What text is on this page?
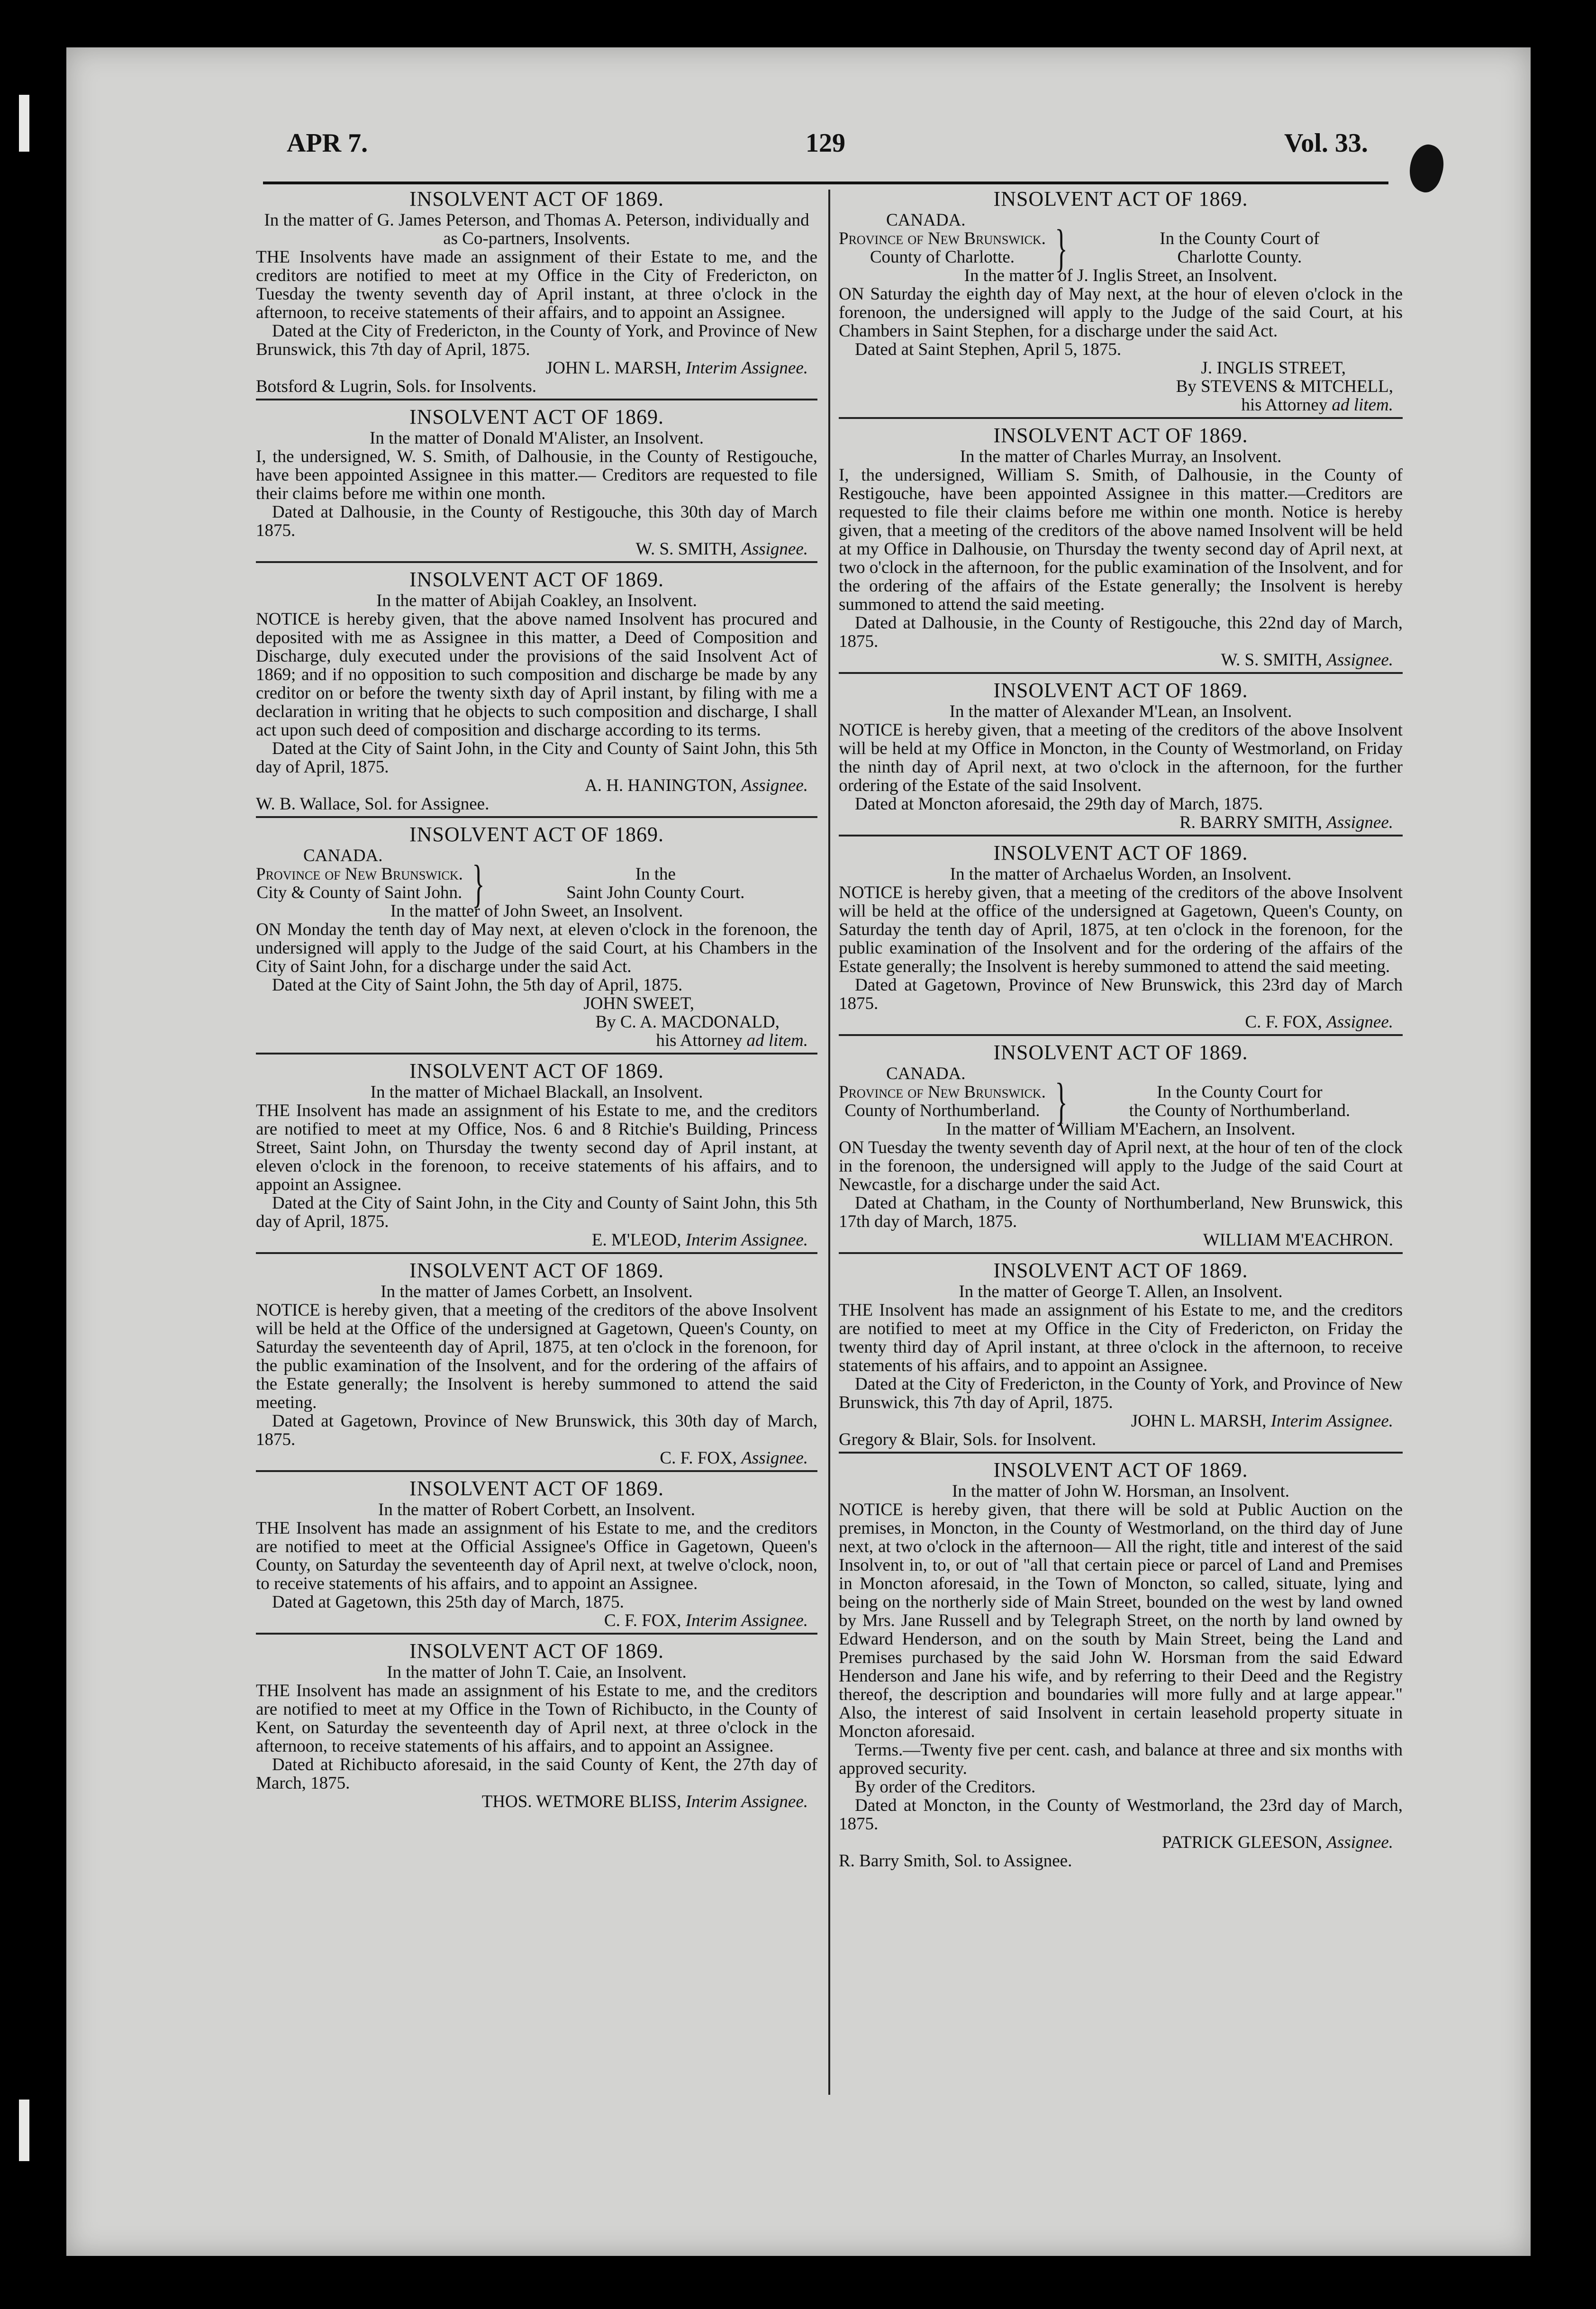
APR 7.	129	Vol. 33.
INSOLVENT ACT OF 1869.
In the matter of G. James Peterson, and Thomas A. Peterson, individually and as Co-partners, Insolvents.
THE Insolvents have made an assignment of their Estate to me, and the creditors are notified to meet at my Office in the City of Fredericton, on Tuesday the twenty seventh day of April instant, at three o'clock in the afternoon, to receive statements of their affairs, and to appoint an Assignee.
Dated at the City of Fredericton, in the County of York, and Province of New Brunswick, this 7th day of April, 1875.
JOHN L. MARSH, Interim Assignee.
Botsford & Lugrin, Sols. for Insolvents.
INSOLVENT ACT OF 1869.
In the matter of Donald M'Alister, an Insolvent.
I, the undersigned, W. S. Smith, of Dalhousie, in the County of Restigouche, have been appointed Assignee in this matter.— Creditors are requested to file their claims before me within one month.
Dated at Dalhousie, in the County of Restigouche, this 30th day of March 1875.
W. S. SMITH, Assignee.
INSOLVENT ACT OF 1869.
In the matter of Abijah Coakley, an Insolvent.
NOTICE is hereby given, that the above named Insolvent has procured and deposited with me as Assignee in this matter, a Deed of Composition and Discharge, duly executed under the provisions of the said Insolvent Act of 1869; and if no opposition to such composition and discharge be made by any creditor on or before the twenty sixth day of April instant, by filing with me a declaration in writing that he objects to such composition and discharge, I shall act upon such deed of composition and discharge according to its terms.
Dated at the City of Saint John, in the City and County of Saint John, this 5th day of April, 1875.
A. H. HANINGTON, Assignee.
W. B. Wallace, Sol. for Assignee.
INSOLVENT ACT OF 1869.
CANADA.
Province of New Brunswick.
City & County of Saint John. }	In the
Saint John County Court.
In the matter of John Sweet, an Insolvent.
ON Monday the tenth day of May next, at eleven o'clock in the forenoon, the undersigned will apply to the Judge of the said Court, at his Chambers in the City of Saint John, for a discharge under the said Act.
Dated at the City of Saint John, the 5th day of April, 1875.
JOHN SWEET,
By C. A. MACDONALD,
his Attorney ad litem.
INSOLVENT ACT OF 1869.
In the matter of Michael Blackall, an Insolvent.
THE Insolvent has made an assignment of his Estate to me, and the creditors are notified to meet at my Office, Nos. 6 and 8 Ritchie's Building, Princess Street, Saint John, on Thursday the twenty second day of April instant, at eleven o'clock in the forenoon, to receive statements of his affairs, and to appoint an Assignee.
Dated at the City of Saint John, in the City and County of Saint John, this 5th day of April, 1875.
E. M'LEOD, Interim Assignee.
INSOLVENT ACT OF 1869.
In the matter of James Corbett, an Insolvent.
NOTICE is hereby given, that a meeting of the creditors of the above Insolvent will be held at the Office of the undersigned at Gagetown, Queen's County, on Saturday the seventeenth day of April, 1875, at ten o'clock in the forenoon, for the public examination of the Insolvent, and for the ordering of the affairs of the Estate generally; the Insolvent is hereby summoned to attend the said meeting.
Dated at Gagetown, Province of New Brunswick, this 30th day of March, 1875.
C. F. FOX, Assignee.
INSOLVENT ACT OF 1869.
In the matter of Robert Corbett, an Insolvent.
THE Insolvent has made an assignment of his Estate to me, and the creditors are notified to meet at the Official Assignee's Office in Gagetown, Queen's County, on Saturday the seventeenth day of April next, at twelve o'clock, noon, to receive statements of his affairs, and to appoint an Assignee.
Dated at Gagetown, this 25th day of March, 1875.
C. F. FOX, Interim Assignee.
INSOLVENT ACT OF 1869.
In the matter of John T. Caie, an Insolvent.
THE Insolvent has made an assignment of his Estate to me, and the creditors are notified to meet at my Office in the Town of Richibucto, in the County of Kent, on Saturday the seventeenth day of April next, at three o'clock in the afternoon, to receive statements of his affairs, and to appoint an Assignee.
Dated at Richibucto aforesaid, in the said County of Kent, the 27th day of March, 1875.
THOS. WETMORE BLISS, Interim Assignee.
INSOLVENT ACT OF 1869.
CANADA.
Province of New Brunswick.
County of Charlotte. }	In the County Court of
Charlotte County.
In the matter of J. Inglis Street, an Insolvent.
ON Saturday the eighth day of May next, at the hour of eleven o'clock in the forenoon, the undersigned will apply to the Judge of the said Court, at his Chambers in Saint Stephen, for a discharge under the said Act.
Dated at Saint Stephen, April 5, 1875.
J. INGLIS STREET,
By STEVENS & MITCHELL,
his Attorney ad litem.
INSOLVENT ACT OF 1869.
In the matter of Charles Murray, an Insolvent.
I, the undersigned, William S. Smith, of Dalhousie, in the County of Restigouche, have been appointed Assignee in this matter.—Creditors are requested to file their claims before me within one month. Notice is hereby given, that a meeting of the creditors of the above named Insolvent will be held at my Office in Dalhousie, on Thursday the twenty second day of April next, at two o'clock in the afternoon, for the public examination of the Insolvent, and for the ordering of the affairs of the Estate generally; the Insolvent is hereby summoned to attend the said meeting.
Dated at Dalhousie, in the County of Restigouche, this 22nd day of March, 1875.
W. S. SMITH, Assignee.
INSOLVENT ACT OF 1869.
In the matter of Alexander M'Lean, an Insolvent.
NOTICE is hereby given, that a meeting of the creditors of the above Insolvent will be held at my Office in Moncton, in the County of Westmorland, on Friday the ninth day of April next, at two o'clock in the afternoon, for the further ordering of the Estate of the said Insolvent.
Dated at Moncton aforesaid, the 29th day of March, 1875.
R. BARRY SMITH, Assignee.
INSOLVENT ACT OF 1869.
In the matter of Archaelus Worden, an Insolvent.
NOTICE is hereby given, that a meeting of the creditors of the above Insolvent will be held at the office of the undersigned at Gagetown, Queen's County, on Saturday the tenth day of April, 1875, at ten o'clock in the forenoon, for the public examination of the Insolvent and for the ordering of the affairs of the Estate generally; the Insolvent is hereby summoned to attend the said meeting.
Dated at Gagetown, Province of New Brunswick, this 23rd day of March 1875.
C. F. FOX, Assignee.
INSOLVENT ACT OF 1869.
CANADA.
Province of New Brunswick.
County of Northumberland. }	In the County Court for
the County of Northumberland.
In the matter of William M'Eachern, an Insolvent.
ON Tuesday the twenty seventh day of April next, at the hour of ten of the clock in the forenoon, the undersigned will apply to the Judge of the said Court at Newcastle, for a discharge under the said Act.
Dated at Chatham, in the County of Northumberland, New Brunswick, this 17th day of March, 1875.
WILLIAM M'EACHRON.
INSOLVENT ACT OF 1869.
In the matter of George T. Allen, an Insolvent.
THE Insolvent has made an assignment of his Estate to me, and the creditors are notified to meet at my Office in the City of Fredericton, on Friday the twenty third day of April instant, at three o'clock in the afternoon, to receive statements of his affairs, and to appoint an Assignee.
Dated at the City of Fredericton, in the County of York, and Province of New Brunswick, this 7th day of April, 1875.
JOHN L. MARSH, Interim Assignee.
Gregory & Blair, Sols. for Insolvent.
INSOLVENT ACT OF 1869.
In the matter of John W. Horsman, an Insolvent.
NOTICE is hereby given, that there will be sold at Public Auction on the premises, in Moncton, in the County of Westmorland, on the third day of June next, at two o'clock in the afternoon— All the right, title and interest of the said Insolvent in, to, or out of "all that certain piece or parcel of Land and Premises in Moncton aforesaid, in the Town of Moncton, so called, situate, lying and being on the northerly side of Main Street, bounded on the west by land owned by Mrs. Jane Russell and by Telegraph Street, on the north by land owned by Edward Henderson, and on the south by Main Street, being the Land and Premises purchased by the said John W. Horsman from the said Edward Henderson and Jane his wife, and by referring to their Deed and the Registry thereof, the description and boundaries will more fully and at large appear." Also, the interest of said Insolvent in certain leasehold property situate in Moncton aforesaid.
Terms.—Twenty five per cent. cash, and balance at three and six months with approved security.
By order of the Creditors.
Dated at Moncton, in the County of Westmorland, the 23rd day of March, 1875.
PATRICK GLEESON, Assignee.
R. Barry Smith, Sol. to Assignee.
